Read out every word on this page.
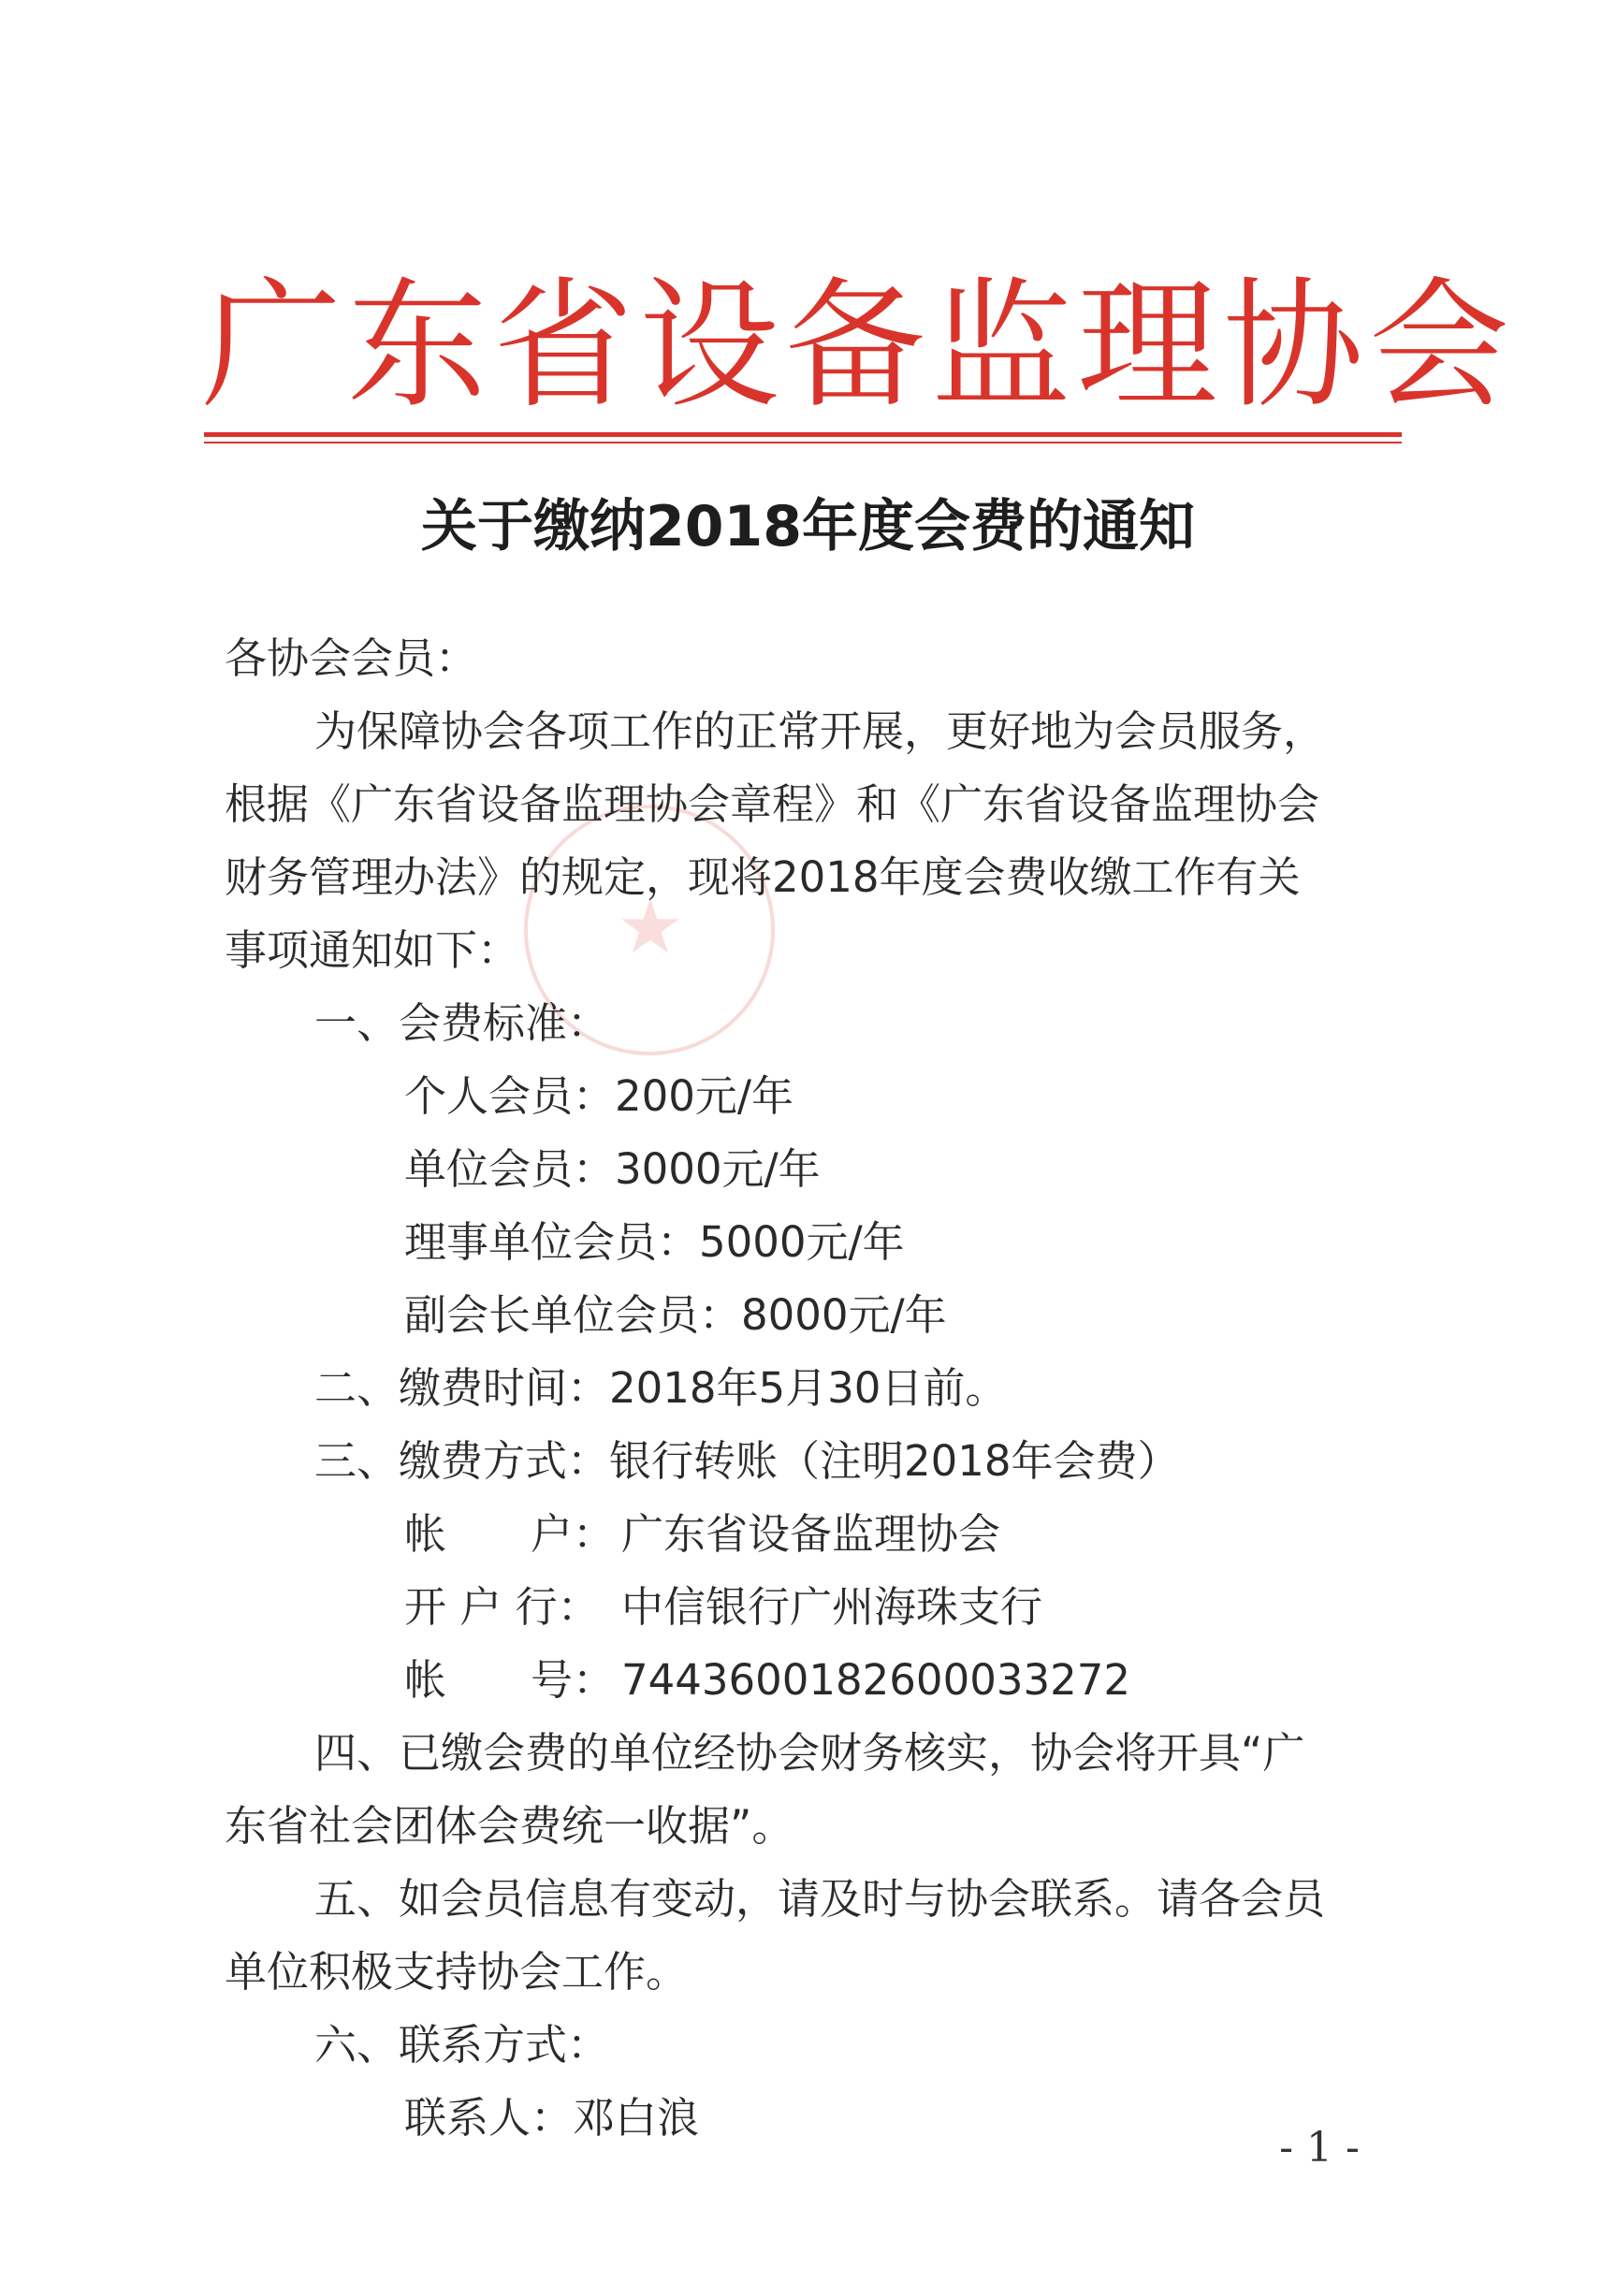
★
广东省设备监理协会
关于缴纳2018年度会费的通知
各协会会员：
为保障协会各项工作的正常开展，更好地为会员服务，
根据《广东省设备监理协会章程》和《广东省设备监理协会
财务管理办法》的规定，现将2018年度会费收缴工作有关
事项通知如下：
一、会费标准：
个人会员：200元/年
单位会员：3000元/年
理事单位会员：5000元/年
副会长单位会员：8000元/年
二、缴费时间：2018年5月30日前。
三、缴费方式：银行转账（注明2018年会费）
帐　　户： 广东省设备监理协会
开 户 行： 中信银行广州海珠支行
帐　　号： 7443600182600033272
四、已缴会费的单位经协会财务核实，协会将开具“广
东省社会团体会费统一收据”。
五、如会员信息有变动，请及时与协会联系。请各会员
单位积极支持协会工作。
六、联系方式：
联系人：邓白浪
- 1 -
